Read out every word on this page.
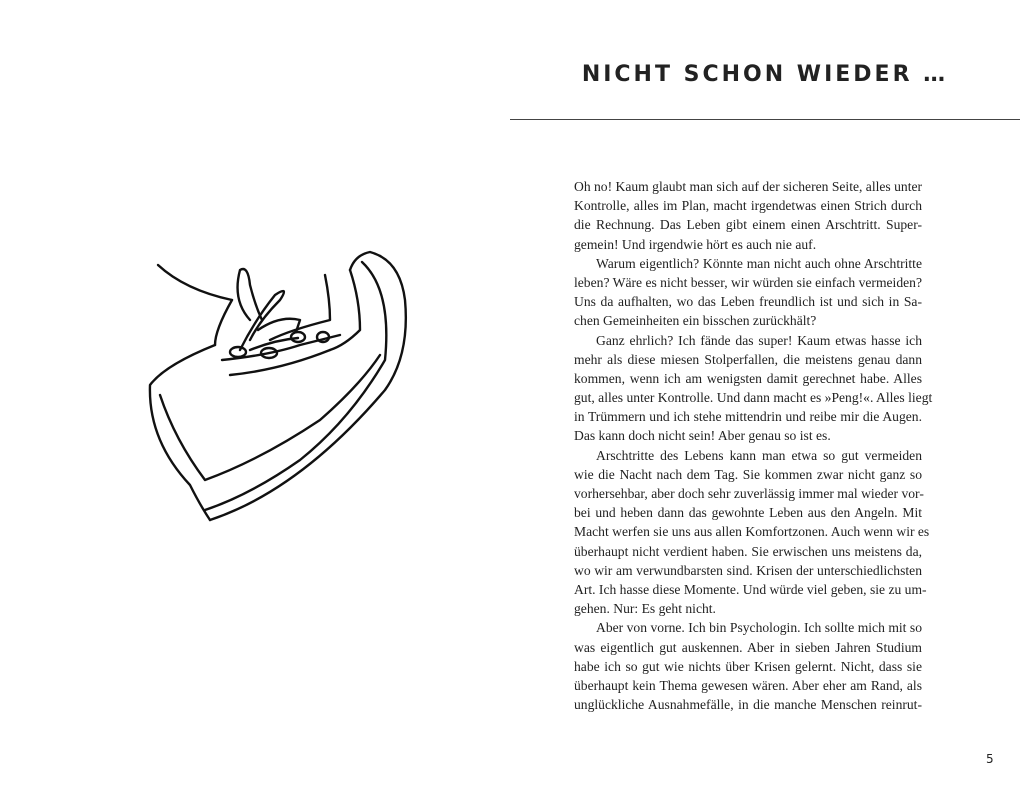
NICHT SCHON WIEDER …
Oh no! Kaum glaubt man sich auf der sicheren Seite, alles unter
Kontrolle, alles im Plan, macht irgendetwas einen Strich durch
die Rechnung. Das Leben gibt einem einen Arschtritt. Super-
gemein! Und irgendwie hört es auch nie auf.
Warum eigentlich? Könnte man nicht auch ohne Arschtritte
leben? Wäre es nicht besser, wir würden sie einfach vermeiden?
Uns da aufhalten, wo das Leben freundlich ist und sich in Sa-
chen Gemeinheiten ein bisschen zurückhält?
Ganz ehrlich? Ich fände das super! Kaum etwas hasse ich
mehr als diese miesen Stolperfallen, die meistens genau dann
kommen, wenn ich am wenigsten damit gerechnet habe. Alles
gut, alles unter Kontrolle. Und dann macht es »Peng!«. Alles liegt
in Trümmern und ich stehe mittendrin und reibe mir die Augen.
Das kann doch nicht sein! Aber genau so ist es.
Arschtritte des Lebens kann man etwa so gut vermeiden
wie die Nacht nach dem Tag. Sie kommen zwar nicht ganz so
vorhersehbar, aber doch sehr zuverlässig immer mal wieder vor-
bei und heben dann das gewohnte Leben aus den Angeln. Mit
Macht werfen sie uns aus allen Komfortzonen. Auch wenn wir es
überhaupt nicht verdient haben. Sie erwischen uns meistens da,
wo wir am verwundbarsten sind. Krisen der unterschiedlichsten
Art. Ich hasse diese Momente. Und würde viel geben, sie zu um-
gehen. Nur: Es geht nicht.
Aber von vorne. Ich bin Psychologin. Ich sollte mich mit so
was eigentlich gut auskennen. Aber in sieben Jahren Studium
habe ich so gut wie nichts über Krisen gelernt. Nicht, dass sie
überhaupt kein Thema gewesen wären. Aber eher am Rand, als
unglückliche Ausnahmefälle, in die manche Menschen reinrut-
5
